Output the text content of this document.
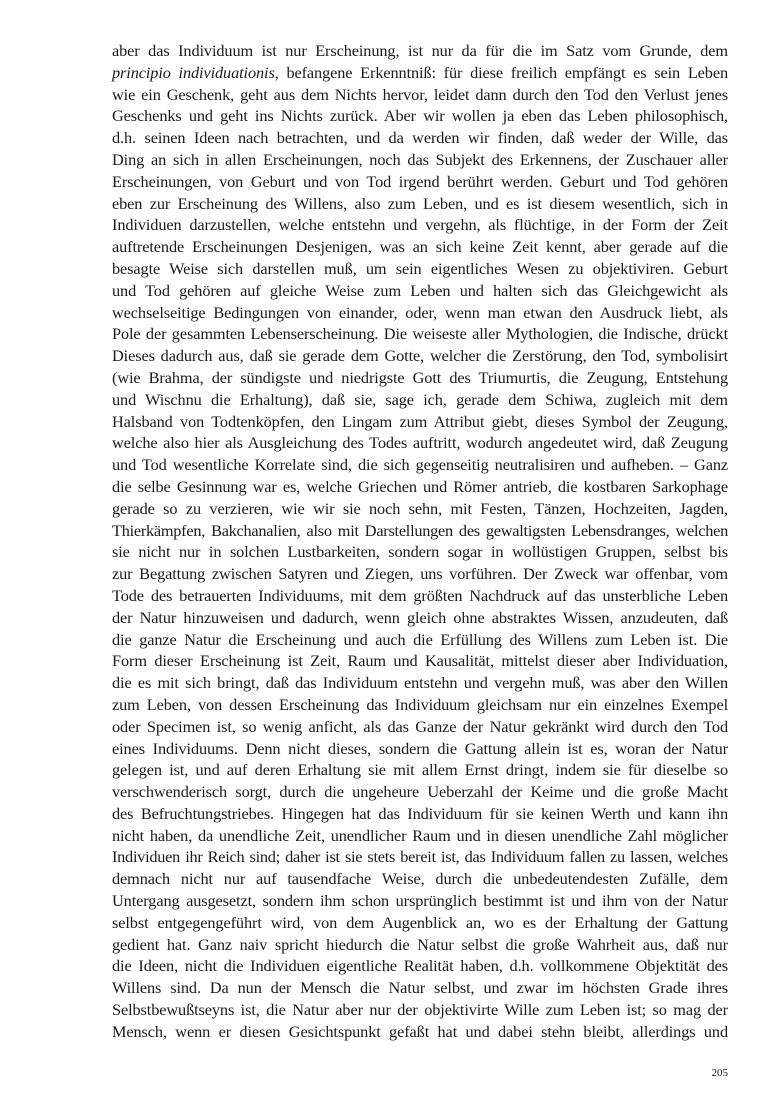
aber das Individuum ist nur Erscheinung, ist nur da für die im Satz vom Grunde, dem
principio individuationis, befangene Erkenntniß: für diese freilich empfängt es sein Leben
wie ein Geschenk, geht aus dem Nichts hervor, leidet dann durch den Tod den Verlust jenes
Geschenks und geht ins Nichts zurück. Aber wir wollen ja eben das Leben philosophisch,
d.h. seinen Ideen nach betrachten, und da werden wir finden, daß weder der Wille, das
Ding an sich in allen Erscheinungen, noch das Subjekt des Erkennens, der Zuschauer aller
Erscheinungen, von Geburt und von Tod irgend berührt werden. Geburt und Tod gehören
eben zur Erscheinung des Willens, also zum Leben, und es ist diesem wesentlich, sich in
Individuen darzustellen, welche entstehn und vergehn, als flüchtige, in der Form der Zeit
auftretende Erscheinungen Desjenigen, was an sich keine Zeit kennt, aber gerade auf die
besagte Weise sich darstellen muß, um sein eigentliches Wesen zu objektiviren. Geburt
und Tod gehören auf gleiche Weise zum Leben und halten sich das Gleichgewicht als
wechselseitige Bedingungen von einander, oder, wenn man etwan den Ausdruck liebt, als
Pole der gesammten Lebenserscheinung. Die weiseste aller Mythologien, die Indische, drückt
Dieses dadurch aus, daß sie gerade dem Gotte, welcher die Zerstörung, den Tod, symbolisirt
(wie Brahma, der sündigste und niedrigste Gott des Triumurtis, die Zeugung, Entstehung
und Wischnu die Erhaltung), daß sie, sage ich, gerade dem Schiwa, zugleich mit dem
Halsband von Todtenköpfen, den Lingam zum Attribut giebt, dieses Symbol der Zeugung,
welche also hier als Ausgleichung des Todes auftritt, wodurch angedeutet wird, daß Zeugung
und Tod wesentliche Korrelate sind, die sich gegenseitig neutralisiren und aufheben. – Ganz
die selbe Gesinnung war es, welche Griechen und Römer antrieb, die kostbaren Sarkophage
gerade so zu verzieren, wie wir sie noch sehn, mit Festen, Tänzen, Hochzeiten, Jagden,
Thierkämpfen, Bakchanalien, also mit Darstellungen des gewaltigsten Lebensdranges, welchen
sie nicht nur in solchen Lustbarkeiten, sondern sogar in wollüstigen Gruppen, selbst bis
zur Begattung zwischen Satyren und Ziegen, uns vorführen. Der Zweck war offenbar, vom
Tode des betrauerten Individuums, mit dem größten Nachdruck auf das unsterbliche Leben
der Natur hinzuweisen und dadurch, wenn gleich ohne abstraktes Wissen, anzudeuten, daß
die ganze Natur die Erscheinung und auch die Erfüllung des Willens zum Leben ist. Die
Form dieser Erscheinung ist Zeit, Raum und Kausalität, mittelst dieser aber Individuation,
die es mit sich bringt, daß das Individuum entstehn und vergehn muß, was aber den Willen
zum Leben, von dessen Erscheinung das Individuum gleichsam nur ein einzelnes Exempel
oder Specimen ist, so wenig anficht, als das Ganze der Natur gekränkt wird durch den Tod
eines Individuums. Denn nicht dieses, sondern die Gattung allein ist es, woran der Natur
gelegen ist, und auf deren Erhaltung sie mit allem Ernst dringt, indem sie für dieselbe so
verschwenderisch sorgt, durch die ungeheure Ueberzahl der Keime und die große Macht
des Befruchtungstriebes. Hingegen hat das Individuum für sie keinen Werth und kann ihn
nicht haben, da unendliche Zeit, unendlicher Raum und in diesen unendliche Zahl möglicher
Individuen ihr Reich sind; daher ist sie stets bereit ist, das Individuum fallen zu lassen, welches
demnach nicht nur auf tausendfache Weise, durch die unbedeutendesten Zufälle, dem
Untergang ausgesetzt, sondern ihm schon ursprünglich bestimmt ist und ihm von der Natur
selbst entgegengeführt wird, von dem Augenblick an, wo es der Erhaltung der Gattung
gedient hat. Ganz naiv spricht hiedurch die Natur selbst die große Wahrheit aus, daß nur
die Ideen, nicht die Individuen eigentliche Realität haben, d.h. vollkommene Objektität des
Willens sind. Da nun der Mensch die Natur selbst, und zwar im höchsten Grade ihres
Selbstbewußtseyns ist, die Natur aber nur der objektivirte Wille zum Leben ist; so mag der
Mensch, wenn er diesen Gesichtspunkt gefaßt hat und dabei stehn bleibt, allerdings und
205
